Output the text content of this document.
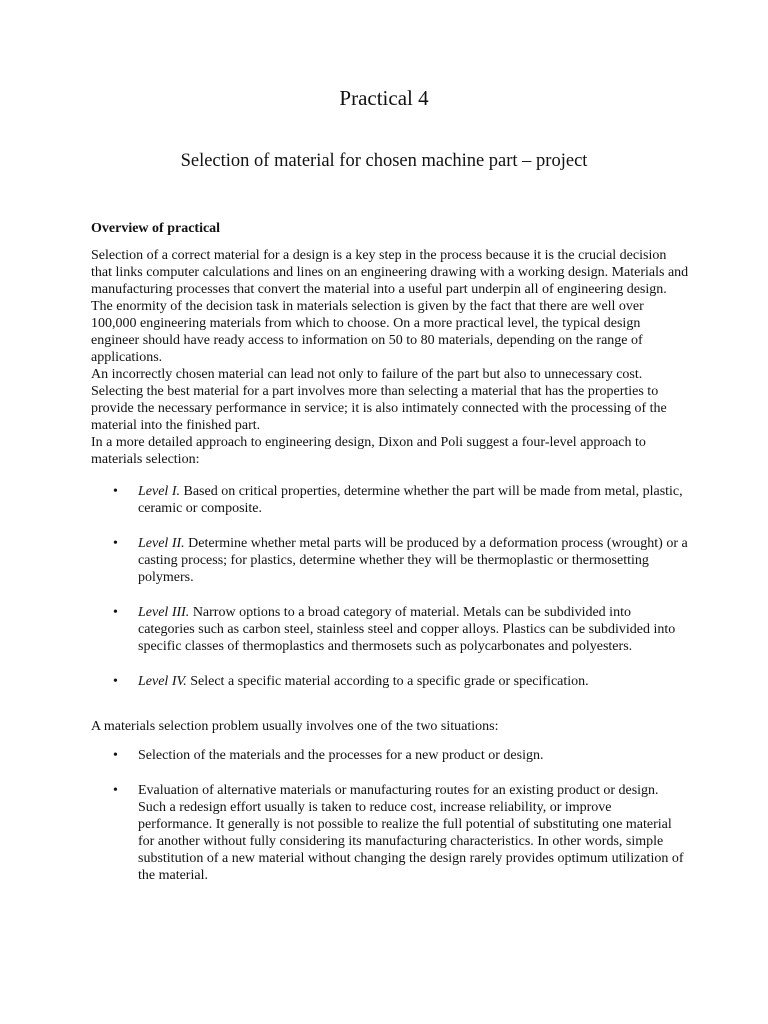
Practical 4
Selection of material for chosen machine part – project
Overview of practical

Selection of a correct material for a design is a key step in the process because it is the crucial decision that links computer calculations and lines on an engineering drawing with a working design. Materials and manufacturing processes that convert the material into a useful part underpin all of engineering design. The enormity of the decision task in materials selection is given by the fact that there are well over 100,000 engineering materials from which to choose. On a more practical level, the typical design engineer should have ready access to information on 50 to 80 materials, depending on the range of applications.

An incorrectly chosen material can lead not only to failure of the part but also to unnecessary cost. Selecting the best material for a part involves more than selecting a material that has the properties to provide the necessary performance in service; it is also intimately connected with the processing of the material into the finished part.

In a more detailed approach to engineering design, Dixon and Poli suggest a four-level approach to materials selection:

• Level I. Based on critical properties, determine whether the part will be made from metal, plastic, ceramic or composite.
• Level II. Determine whether metal parts will be produced by a deformation process (wrought) or a casting process; for plastics, determine whether they will be thermoplastic or thermosetting polymers.
• Level III. Narrow options to a broad category of material. Metals can be subdivided into categories such as carbon steel, stainless steel and copper alloys. Plastics can be subdivided into specific classes of thermoplastics and thermosets such as polycarbonates and polyesters.
• Level IV. Select a specific material according to a specific grade or specification.

A materials selection problem usually involves one of the two situations:

• Selection of the materials and the processes for a new product or design.
• Evaluation of alternative materials or manufacturing routes for an existing product or design. Such a redesign effort usually is taken to reduce cost, increase reliability, or improve performance. It generally is not possible to realize the full potential of substituting one material for another without fully considering its manufacturing characteristics. In other words, simple substitution of a new material without changing the design rarely provides optimum utilization of the material.
